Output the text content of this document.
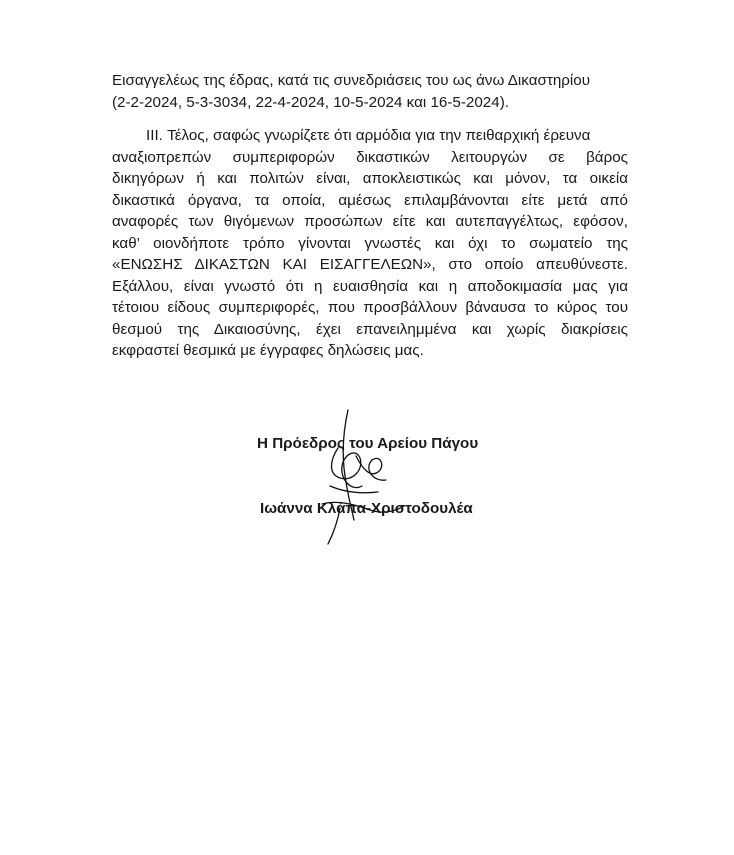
Εισαγγελέως της έδρας, κατά τις συνεδριάσεις του ως άνω Δικαστηρίου
(2-2-2024, 5-3-3034, 22-4-2024, 10-5-2024 και 16-5-2024).
III. Τέλος, σαφώς γνωρίζετε ότι αρμόδια για την πειθαρχική έρευνα
αναξιοπρεπών συμπεριφορών δικαστικών λειτουργών σε βάρος
δικηγόρων ή και πολιτών είναι, αποκλειστικώς και μόνον, τα οικεία
δικαστικά όργανα, τα οποία, αμέσως επιλαμβάνονται είτε μετά από
αναφορές των θιγόμενων προσώπων είτε και αυτεπαγγέλτως, εφόσον,
καθ’ οιονδήποτε τρόπο γίνονται γνωστές και όχι το σωματείο της
«ΕΝΩΣΗΣ ΔΙΚΑΣΤΩΝ ΚΑΙ ΕΙΣΑΓΓΕΛΕΩΝ», στο οποίο απευθύνεστε.
Εξάλλου, είναι γνωστό ότι η ευαισθησία και η αποδοκιμασία μας για
τέτοιου είδους συμπεριφορές, που προσβάλλουν βάναυσα το κύρος του
θεσμού της Δικαιοσύνης, έχει επανειλημμένα και χωρίς διακρίσεις
εκφραστεί θεσμικά με έγγραφες δηλώσεις μας.
Η Πρόεδρος του Αρείου Πάγου
Ιωάννα Κλάπα-Χριστοδουλέα
